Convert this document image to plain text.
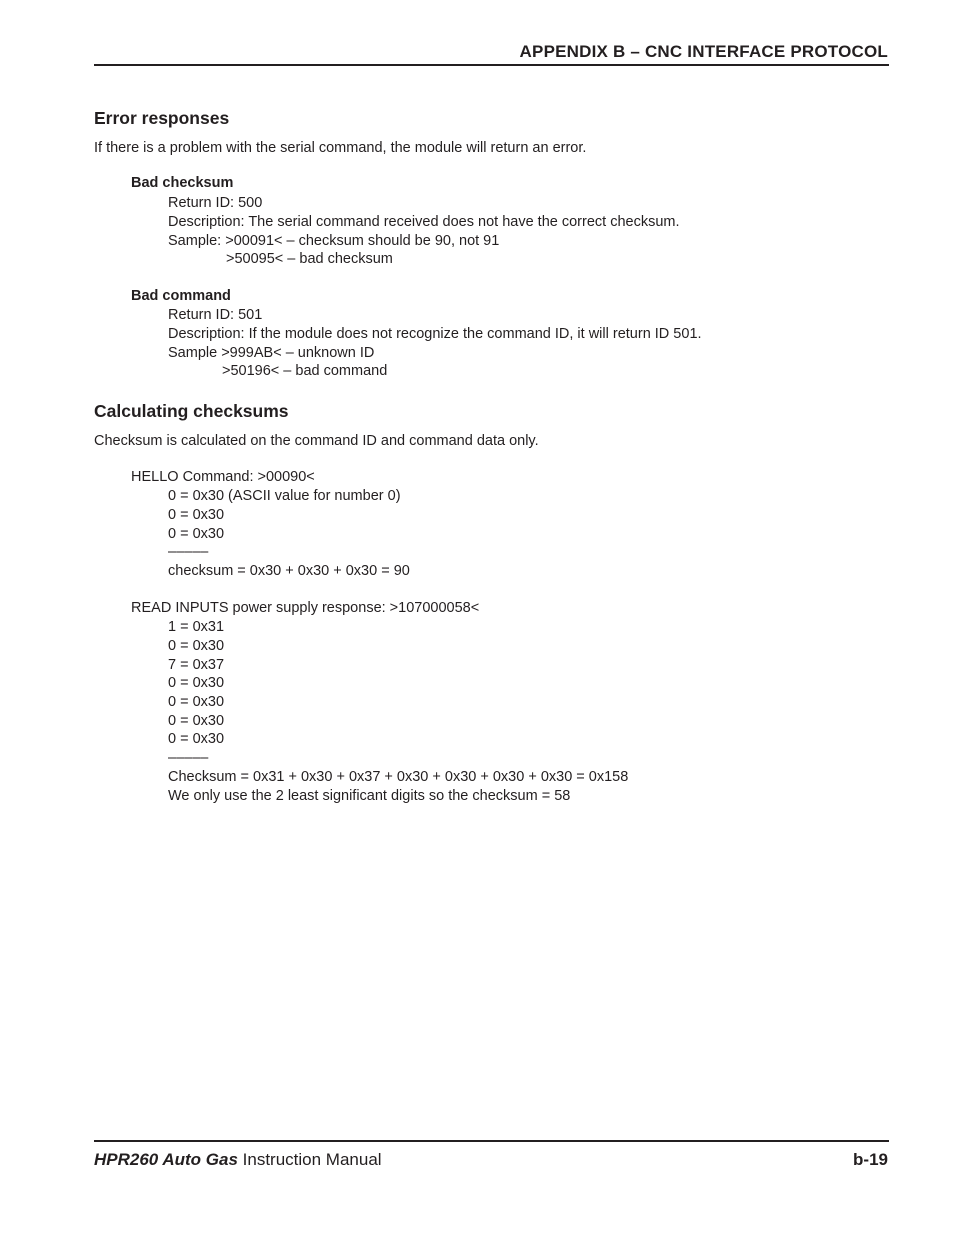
APPENDIX B – CNC INTERFACE PROTOCOL
Error responses
If there is a problem with the serial command, the module will return an error.
Bad checksum
Return ID: 500
Description: The serial command received does not have the correct checksum.
Sample: >00091< – checksum should be 90, not 91
>50095< – bad checksum
Bad command
Return ID: 501
Description: If the module does not recognize the command ID, it will return ID 501.
Sample >999AB< – unknown ID
>50196< – bad command
Calculating checksums
Checksum is calculated on the command ID and command data only.
HELLO Command: >00090<
0 = 0x30 (ASCII value for number 0)
0 = 0x30
0 = 0x30
–––––
checksum = 0x30 + 0x30 + 0x30 = 90
READ INPUTS power supply response: >107000058<
1 = 0x31
0 = 0x30
7 = 0x37
0 = 0x30
0 = 0x30
0 = 0x30
0 = 0x30
–––––
Checksum = 0x31 + 0x30 + 0x37 + 0x30 + 0x30 + 0x30 + 0x30 = 0x158
We only use the 2 least significant digits so the checksum = 58
HPR260 Auto Gas Instruction Manual	b-19
